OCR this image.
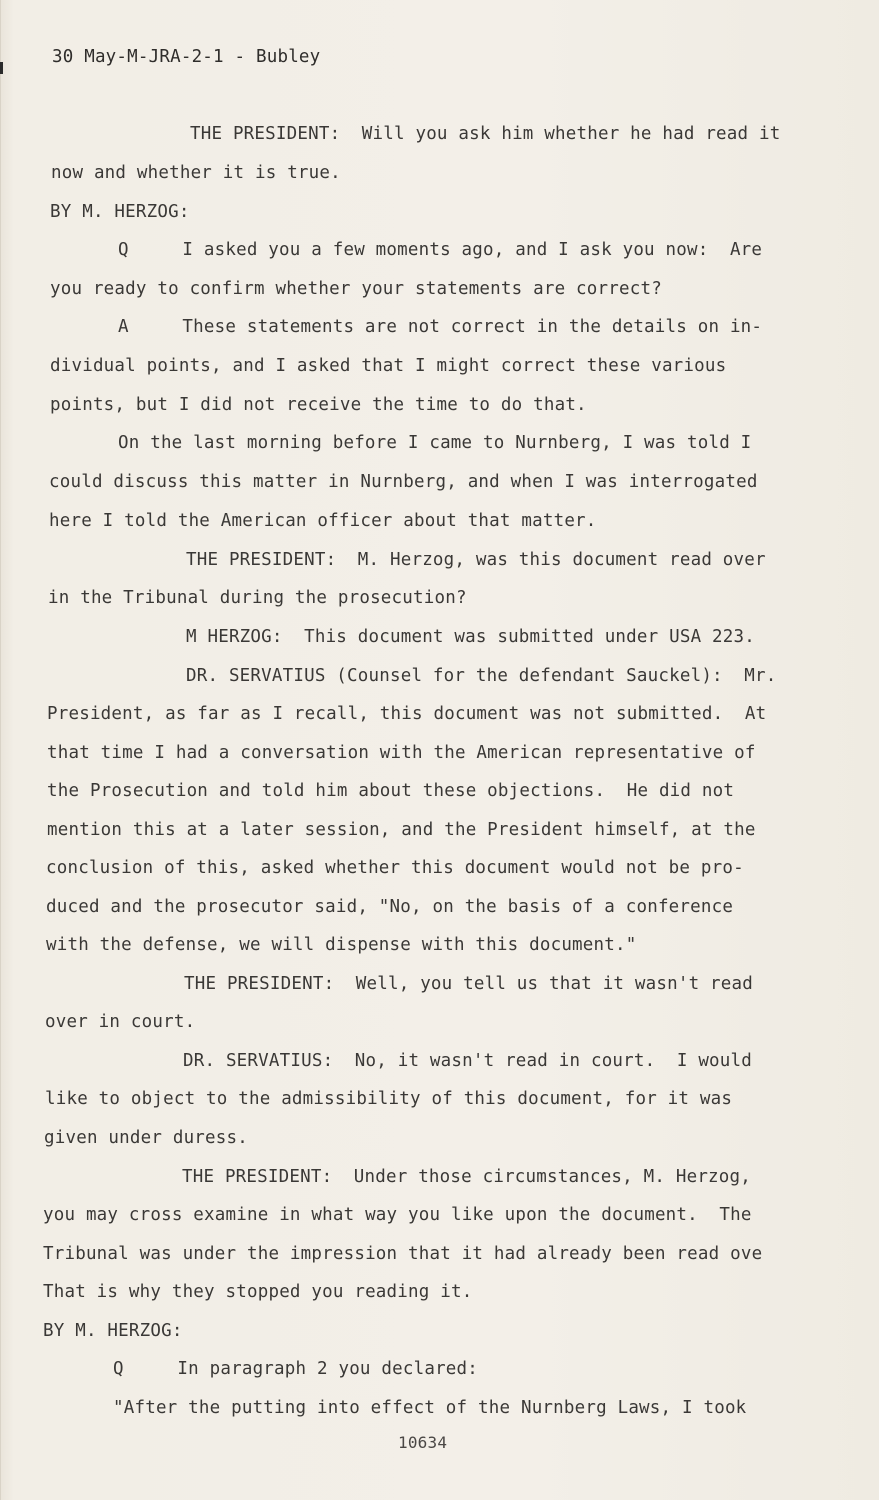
30 May-M-JRA-2-1 - Bubley
THE PRESIDENT:  Will you ask him whether he had read it
now and whether it is true.
BY M. HERZOG:
Q     I asked you a few moments ago, and I ask you now:  Are
you ready to confirm whether your statements are correct?
A     These statements are not correct in the details on in-
dividual points, and I asked that I might correct these various
points, but I did not receive the time to do that.
On the last morning before I came to Nurnberg, I was told I
could discuss this matter in Nurnberg, and when I was interrogated
here I told the American officer about that matter.
THE PRESIDENT:  M. Herzog, was this document read over
in the Tribunal during the prosecution?
M HERZOG:  This document was submitted under USA 223.
DR. SERVATIUS (Counsel for the defendant Sauckel):  Mr.
President, as far as I recall, this document was not submitted.  At
that time I had a conversation with the American representative of
the Prosecution and told him about these objections.  He did not
mention this at a later session, and the President himself, at the
conclusion of this, asked whether this document would not be pro-
duced and the prosecutor said, "No, on the basis of a conference
with the defense, we will dispense with this document."
THE PRESIDENT:  Well, you tell us that it wasn't read
over in court.
DR. SERVATIUS:  No, it wasn't read in court.  I would
like to object to the admissibility of this document, for it was
given under duress.
THE PRESIDENT:  Under those circumstances, M. Herzog,
you may cross examine in what way you like upon the document.  The
Tribunal was under the impression that it had already been read ove
That is why they stopped you reading it.
BY M. HERZOG:
Q     In paragraph 2 you declared:
"After the putting into effect of the Nurnberg Laws, I took
10634
